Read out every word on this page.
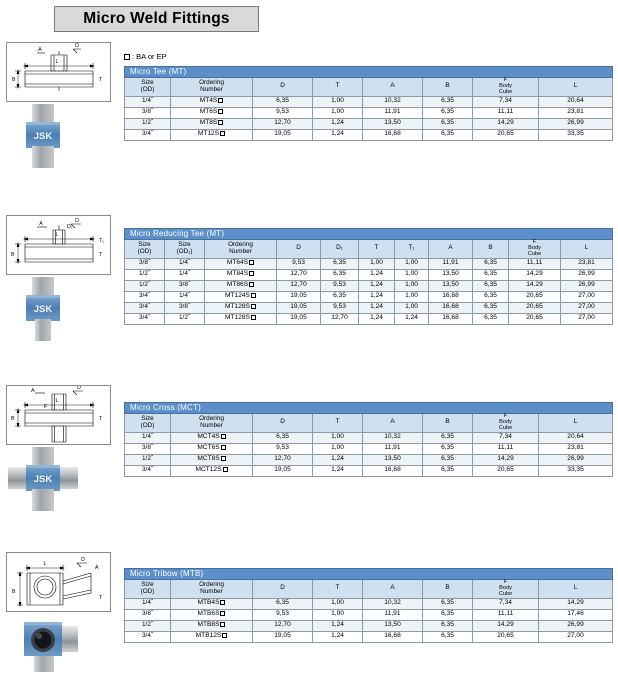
Micro Weld Fittings
: BA or EP
L
A
B
D
T
JSK
L
A
B
D
T
D₁
T₁
JSK
L
A
B
D
T
F
JSK
L
A
B
D
T
Micro Tee (MT)							
Size
(OD)	Ordering
Number	D	T	A	B	F
Body
Cube	L
1/4˝	MT4S	6,35	1,00	10,32	6,35	7,34	20,64
3/8˝	MT6S	9,53	1,00	11,91	6,35	11,11	23,81
1/2˝	MT8S	12,70	1,24	13,50	6,35	14,29	26,99
3/4˝	MT12S	19,05	1,24	16,68	6,35	20,65	33,35
Micro Reducing Tee (MT)										
Size
(OD)	Size
(OD₁)	Ordering
Number	D	D₁	T	T₁	A	B	F
Body
Cube	L
3/8˝	1/4˝	MT64S	9,53	6,35	1,00	1,00	11,91	6,35	11,11	23,81
1/2˝	1/4˝	MT84S	12,70	6,35	1,24	1,00	13,50	6,35	14,29	26,99
1/2˝	3/8˝	MT86S	12,70	9,53	1,24	1,00	13,50	6,35	14,29	26,99
3/4˝	1/4˝	MT124S	19,05	6,35	1,24	1,00	16,68	6,35	20,65	27,00
3/4˝	3/8˝	MT128S	19,05	9,53	1,24	1,00	16,68	6,35	20,65	27,00
3/4˝	1/2˝	MT128S	19,05	12,70	1,24	1,24	16,68	6,35	20,65	27,00
Micro Cross (MCT)							
Size
(OD)	Ordering
Number	D	T	A	B	F
Body
Cube	L
1/4˝	MCT4S	6,35	1,00	10,32	6,35	7,34	20,64
3/8˝	MCT6S	9,53	1,00	11,91	6,35	11,11	23,81
1/2˝	MCT8S	12,70	1,24	13,50	6,35	14,29	26,99
3/4˝	MCT12S	19,05	1,24	16,68	6,35	20,65	33,35
Micro Tribow (MTB)							
Size
(OD)	Ordering
Number	D	T	A	B	F
Body
Cube	L
1/4˝	MTB4S	6,35	1,00	10,32	6,35	7,34	14,29
3/8˝	MTB6S	9,53	1,00	11,91	6,35	11,11	17,46
1/2˝	MTB8S	12,70	1,24	13,50	6,35	14,29	26,99
3/4˝	MTB12S	19,05	1,24	16,68	6,35	20,65	27,00
